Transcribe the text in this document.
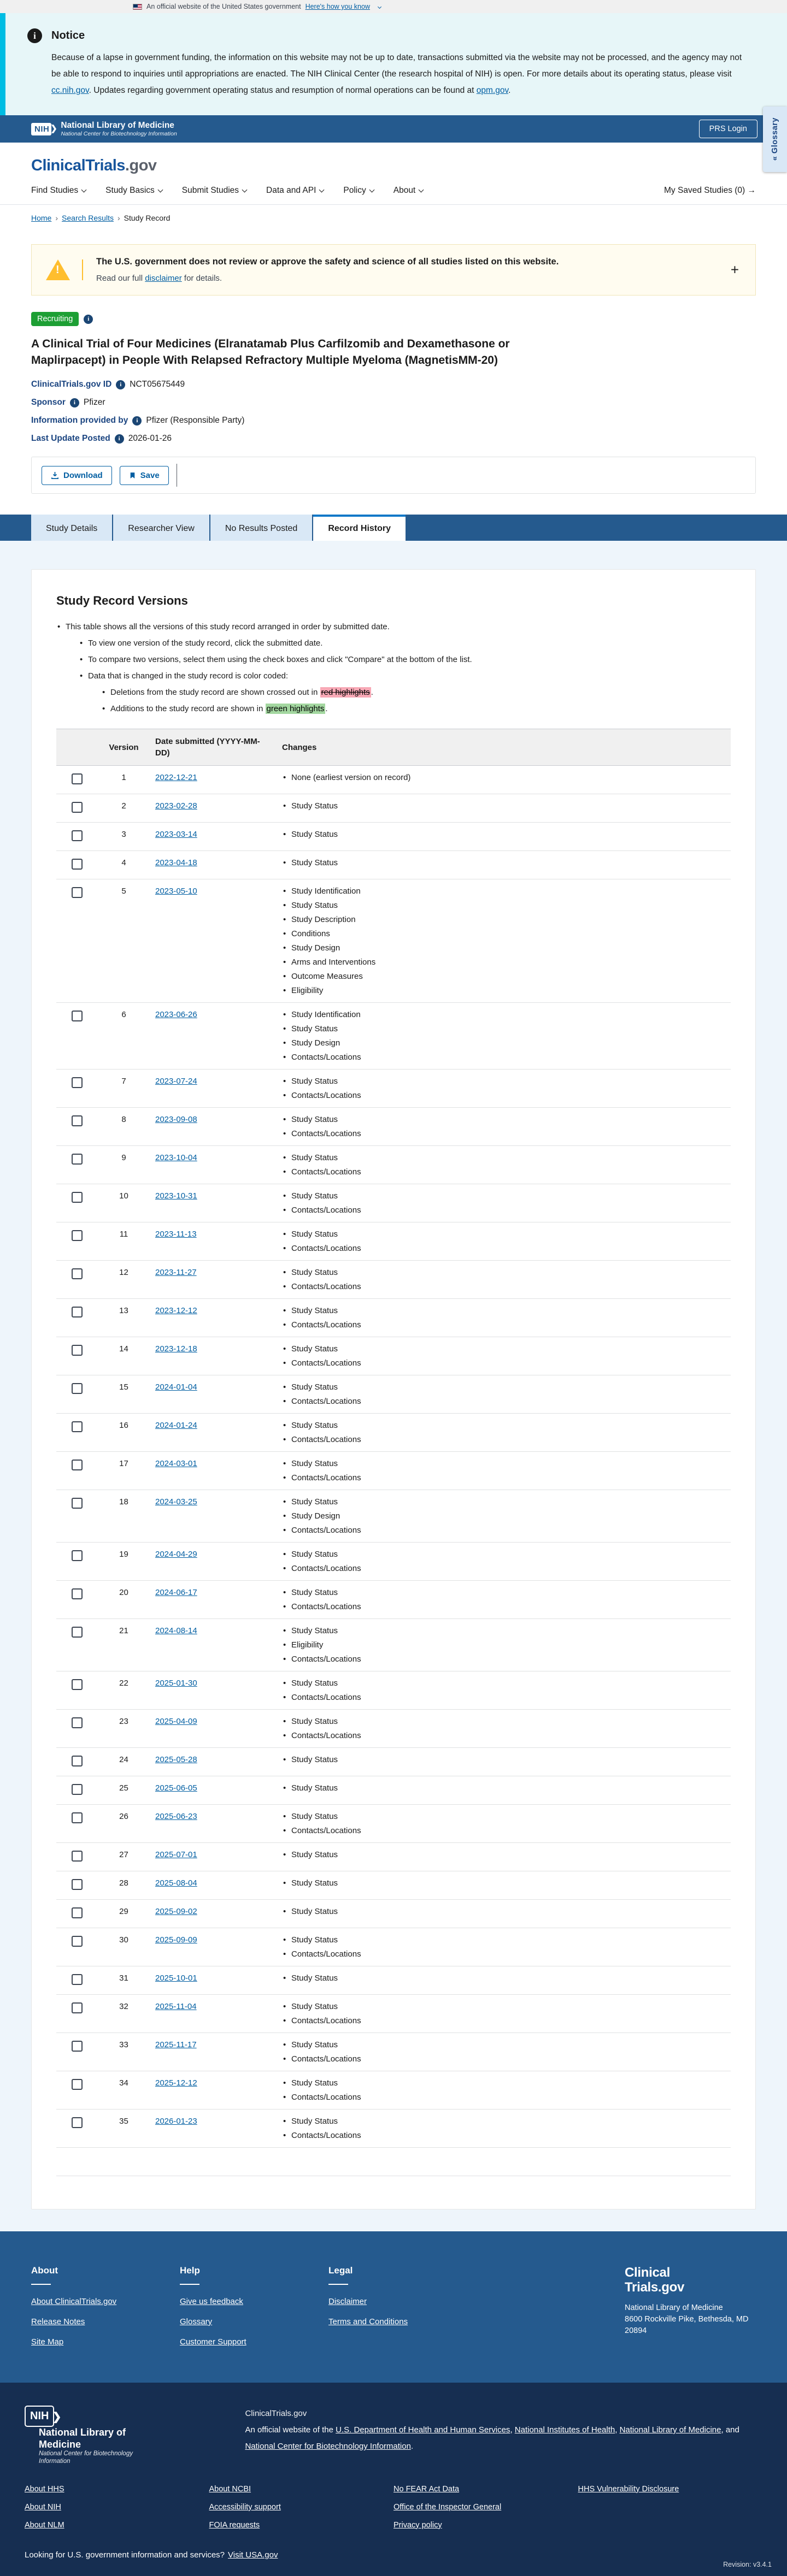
An official website of the United States government Here's how you know
i	Notice

Because of a lapse in government funding, the information on this website may not be up to date, transactions submitted via the website may not be processed, and the agency may not be able to respond to inquiries until appropriations are enacted. The NIH Clinical Center (the research hospital of NIH) is open. For more details about its operating status, please visit cc.nih.gov. Updates regarding government operating status and resumption of normal operations can be found at opm.gov.

NIH ❯ National Library of Medicine
National Center for Biotechnology Information
PRS Login	« Glossary
ClinicalTrials.gov
Find Studies	Study Basics	Submit Studies	Data and API	Policy	About	My Saved Studies (0) →
Home › Search Results › Study Record
!
The U.S. government does not review or approve the safety and science of all studies listed on this website.
Read our full disclaimer for details.
+
Recruiting	i
A Clinical Trial of Four Medicines (Elranatamab Plus Carfilzomib and Dexamethasone or Maplirpacept) in People With Relapsed Refractory Multiple Myeloma (MagnetisMM-20)
ClinicalTrials.gov ID	i NCT05675449
Sponsor	i Pfizer
Information provided by	i Pfizer (Responsible Party)
Last Update Posted	i 2026-01-26
Download	Save
Study Details	Researcher View	No Results Posted	Record History
Study Record Versions
• This table shows all the versions of this study record arranged in order by submitted date.
• To view one version of the study record, click the submitted date.
• To compare two versions, select them using the check boxes and click "Compare" at the bottom of the list.
• Data that is changed in the study record is color coded:
• Deletions from the study record are shown crossed out in red highlights .
• Additions to the study record are shown in green highlights .
	Version	Date submitted (YYYY-MM-DD)	Changes
	1	2022-12-21	
•None (earliest version on record)

	2	2023-02-28	
•Study Status

	3	2023-03-14	
•Study Status

	4	2023-04-18	
•Study Status

	5	2023-05-10	
•Study Identification
• Study Status
• Study Description
• Conditions
• Study Design
• Arms and Interventions
• Outcome Measures
• Eligibility

	6	2023-06-26	
•Study Identification
• Study Status
• Study Design
• Contacts/Locations

	7	2023-07-24	
•Study Status
• Contacts/Locations

	8	2023-09-08	
•Study Status
• Contacts/Locations

	9	2023-10-04	
•Study Status
• Contacts/Locations

	10	2023-10-31	
•Study Status
• Contacts/Locations

	11	2023-11-13	
•Study Status
• Contacts/Locations

	12	2023-11-27	
•Study Status
• Contacts/Locations

	13	2023-12-12	
•Study Status
• Contacts/Locations

	14	2023-12-18	
•Study Status
• Contacts/Locations

	15	2024-01-04	
•Study Status
• Contacts/Locations

	16	2024-01-24	
•Study Status
• Contacts/Locations

	17	2024-03-01	
•Study Status
• Contacts/Locations

	18	2024-03-25	
•Study Status
• Study Design
• Contacts/Locations

	19	2024-04-29	
•Study Status
• Contacts/Locations

	20	2024-06-17	
•Study Status
• Contacts/Locations

	21	2024-08-14	
•Study Status
• Eligibility
• Contacts/Locations

	22	2025-01-30	
•Study Status
• Contacts/Locations

	23	2025-04-09	
•Study Status
• Contacts/Locations

	24	2025-05-28	
•Study Status

	25	2025-06-05	
•Study Status

	26	2025-06-23	
•Study Status
• Contacts/Locations

	27	2025-07-01	
•Study Status

	28	2025-08-04	
•Study Status

	29	2025-09-02	
•Study Status

	30	2025-09-09	
•Study Status
• Contacts/Locations

	31	2025-10-01	
•Study Status

	32	2025-11-04	
•Study Status
• Contacts/Locations

	33	2025-11-17	
•Study Status
• Contacts/Locations

	34	2025-12-12	
•Study Status
• Contacts/Locations

	35	2026-01-23	
•Study Status
• Contacts/Locations

About
About ClinicalTrials.gov
Release Notes
Site Map
Help
Give us feedback
Glossary
Customer Support
Legal
Disclaimer
Terms and Conditions
Clinical
Trials.gov
National Library of Medicine
8600 Rockville Pike, Bethesda, MD
20894
NIH ❯
National Library of Medicine
National Center for Biotechnology Information
ClinicalTrials.gov
An official website of the U.S. Department of Health and Human Services, National Institutes of Health, National Library of Medicine, and National Center for Biotechnology Information.
About HHS
About NIH
About NLM
About NCBI
Accessibility support
FOIA requests
No FEAR Act Data
Office of the Inspector General
Privacy policy
HHS Vulnerability Disclosure
Looking for U.S. government information and services? Visit USA.gov
Revision: v3.4.1
